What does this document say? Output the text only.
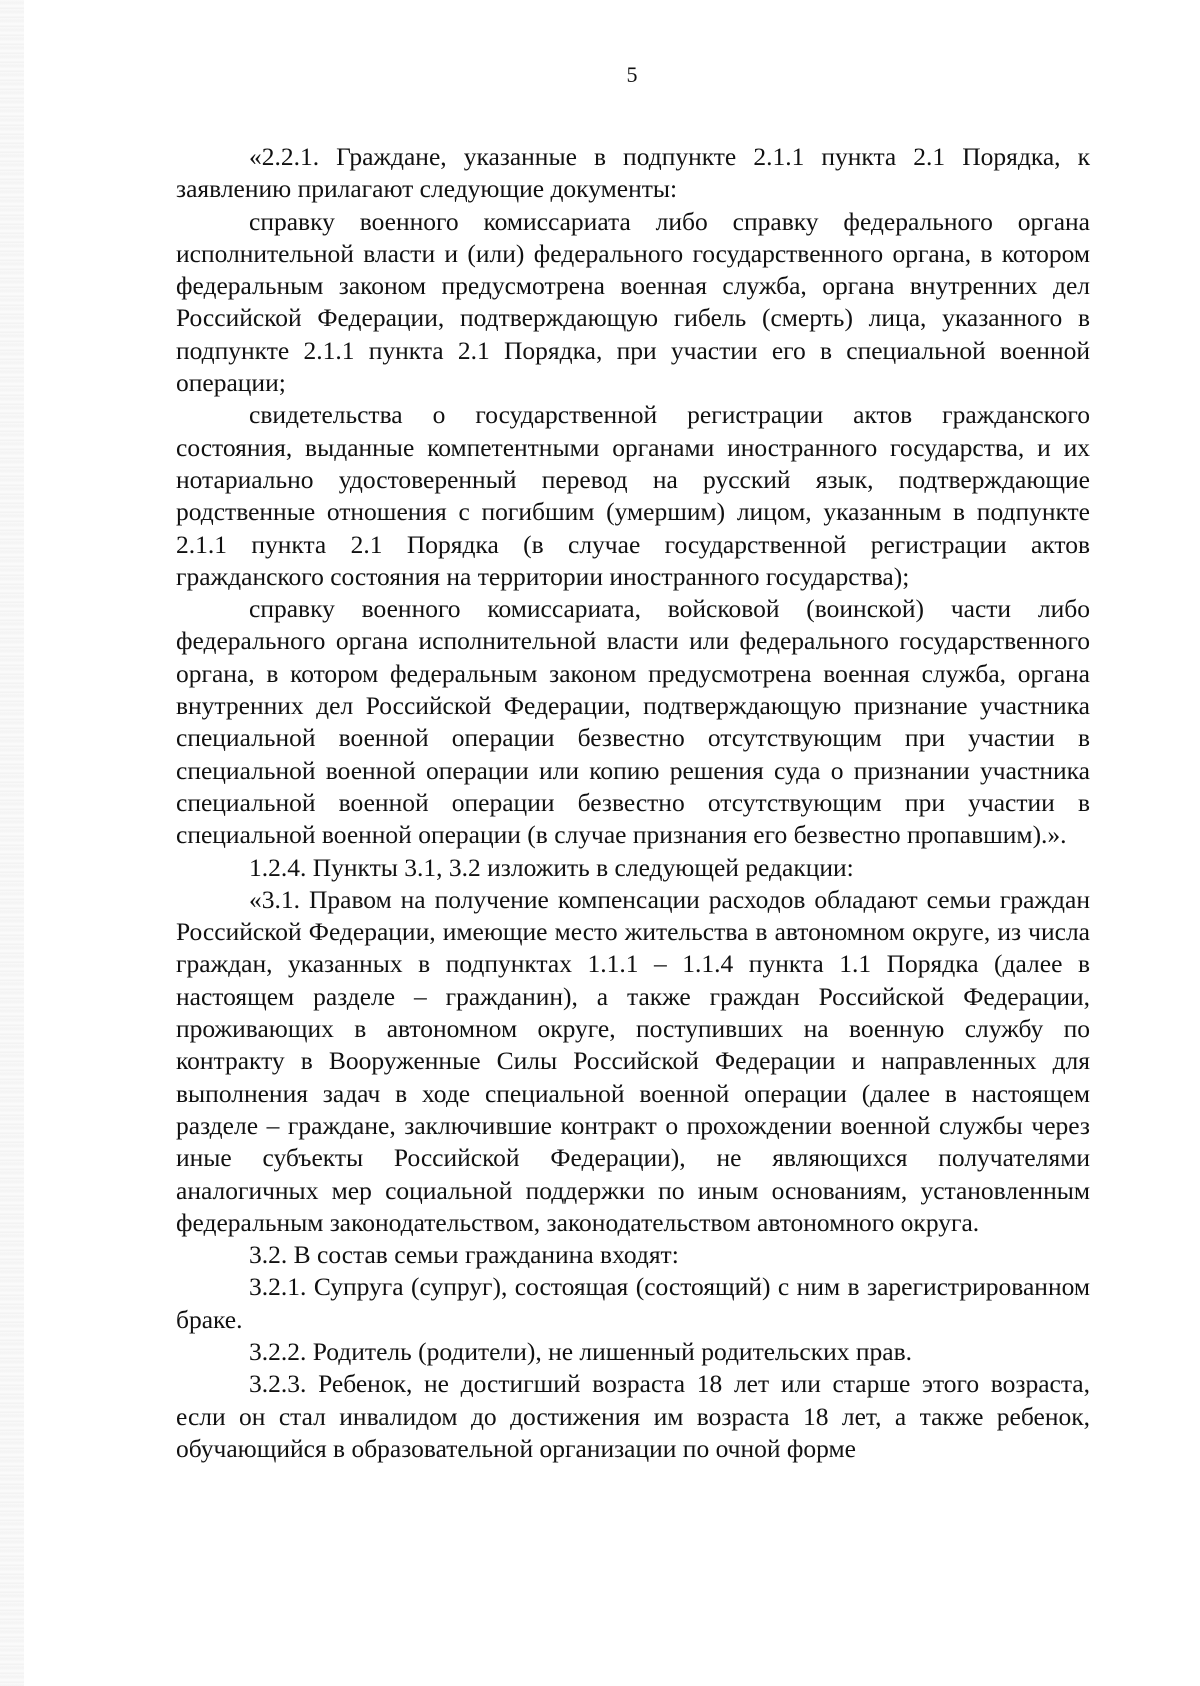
5

«2.2.1. Граждане, указанные в подпункте 2.1.1 пункта 2.1 Порядка, к заявлению прилагают следующие документы:

справку военного комиссариата либо справку федерального органа исполнительной власти и (или) федерального государственного органа, в котором федеральным законом предусмотрена военная служба, органа внутренних дел Российской Федерации, подтверждающую гибель (смерть) лица, указанного в подпункте 2.1.1 пункта 2.1 Порядка, при участии его в специальной военной операции;

свидетельства о государственной регистрации актов гражданского состояния, выданные компетентными органами иностранного государства, и их нотариально удостоверенный перевод на русский язык, подтверждающие родственные отношения с погибшим (умершим) лицом, указанным в подпункте 2.1.1 пункта 2.1 Порядка (в случае государственной регистрации актов гражданского состояния на территории иностранного государства);

справку военного комиссариата, войсковой (воинской) части либо федерального органа исполнительной власти или федерального государственного органа, в котором федеральным законом предусмотрена военная служба, органа внутренних дел Российской Федерации, подтверждающую признание участника специальной военной операции безвестно отсутствующим при участии в специальной военной операции или копию решения суда о признании участника специальной военной операции безвестно отсутствующим при участии в специальной военной операции (в случае признания его безвестно пропавшим).».

1.2.4. Пункты 3.1, 3.2 изложить в следующей редакции:

«3.1. Правом на получение компенсации расходов обладают семьи граждан Российской Федерации, имеющие место жительства в автономном округе, из числа граждан, указанных в подпунктах 1.1.1 – 1.1.4 пункта 1.1 Порядка (далее в настоящем разделе – гражданин), а также граждан Российской Федерации, проживающих в автономном округе, поступивших на военную службу по контракту в Вооруженные Силы Российской Федерации и направленных для выполнения задач в ходе специальной военной операции (далее в настоящем разделе – граждане, заключившие контракт о прохождении военной службы через иные субъекты Российской Федерации), не являющихся получателями аналогичных мер социальной поддержки по иным основаниям, установленным федеральным законодательством, законодательством автономного округа.

3.2. В состав семьи гражданина входят:

3.2.1. Супруга (супруг), состоящая (состоящий) с ним в зарегистрированном браке.

3.2.2. Родитель (родители), не лишенный родительских прав.

3.2.3. Ребенок, не достигший возраста 18 лет или старше этого возраста, если он стал инвалидом до достижения им возраста 18 лет, а также ребенок, обучающийся в образовательной организации по очной форме
